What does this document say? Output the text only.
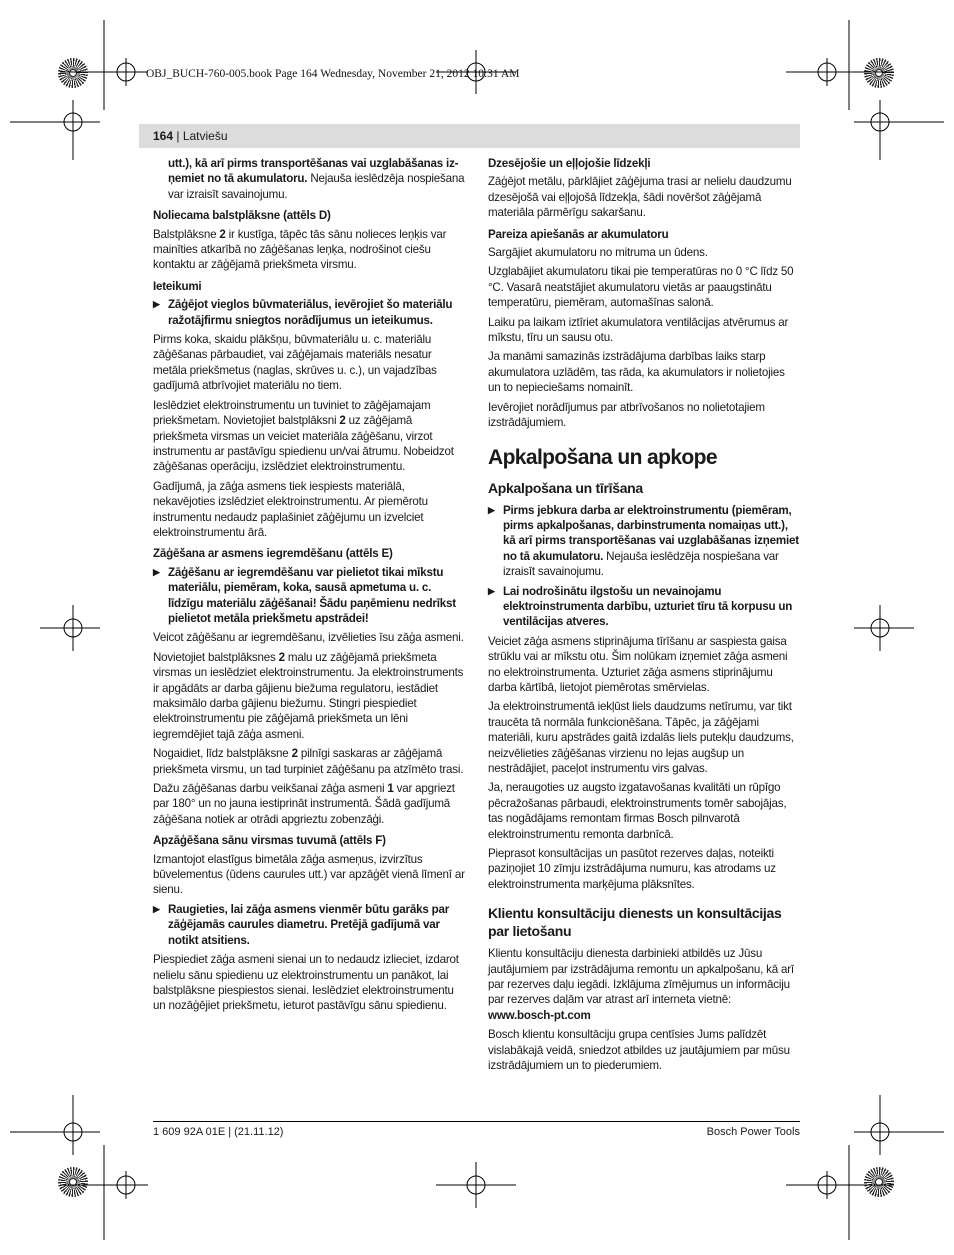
OBJ_BUCH-760-005.book Page 164 Wednesday, November 21, 2012 10:31 AM
164 | Latviešu

utt.), kā arī pirms transportēšanas vai uzglabāšanas iz-ņemiet no tā akumulatoru. Nejauša ieslēdzēja nospiešana var izraisīt savainojumu.

Noliecama balstplāksne (attēls D)

Balstplāksne 2 ir kustīga, tāpēc tās sānu nolieces leņķis var mainīties atkarībā no zāģēšanas leņķa, nodrošinot ciešu kontaktu ar zāģējamā priekšmeta virsmu.

Ieteikumi
▶ Zāģējot vieglos būvmateriālus, ievērojiet šo materiālu ražotājfirmu sniegtos norādījumus un ieteikumus.

Pirms koka, skaidu plākšņu, būvmateriālu u. c. materiālu zāģēšanas pārbaudiet, vai zāģējamais materiāls nesatur metāla priekšmetus (naglas, skrūves u. c.), un vajadzības gadījumā atbrīvojiet materiālu no tiem.

Ieslēdziet elektroinstrumentu un tuviniet to zāģējamajam priekšmetam. Novietojiet balstplāksni 2 uz zāģējamā priekšmeta virsmas un veiciet materiāla zāģēšanu, virzot instrumentu ar pastāvīgu spiedienu un/vai ātrumu. Nobeidzot zāģēšanas operāciju, izslēdziet elektroinstrumentu.

Gadījumā, ja zāģa asmens tiek iespiests materiālā, nekavējoties izslēdziet elektroinstrumentu. Ar piemērotu instrumentu nedaudz paplašiniet zāģējumu un izvelciet elektroinstrumentu ārā.

Zāģēšana ar asmens iegremdēšanu (attēls E)
▶ Zāģēšanu ar iegremdēšanu var pielietot tikai mīkstu materiālu, piemēram, koka, sausā apmetuma u. c. līdzīgu materiālu zāģēšanai! Šādu paņēmienu nedrīkst pielietot metāla priekšmetu apstrādei!

Veicot zāģēšanu ar iegremdēšanu, izvēlieties īsu zāģa asmeni.

Novietojiet balstplāksnes 2 malu uz zāģējamā priekšmeta virsmas un ieslēdziet elektroinstrumentu. Ja elektroinstruments ir apgādāts ar darba gājienu biežuma regulatoru, iestādiet maksimālo darba gājienu biežumu. Stingri piespiediet elektroinstrumentu pie zāģējamā priekšmeta un lēni iegremdējiet tajā zāģa asmeni.

Nogaidiet, līdz balstplāksne 2 pilnīgi saskaras ar zāģējamā priekšmeta virsmu, un tad turpiniet zāģēšanu pa atzīmēto trasi.

Dažu zāģēšanas darbu veikšanai zāģa asmeni 1 var apgriezt par 180° un no jauna iestiprināt instrumentā. Šādā gadījumā zāģēšana notiek ar otrādi apgrieztu zobenzāģi.

Apzāģēšana sānu virsmas tuvumā (attēls F)

Izmantojot elastīgus bimetāla zāģa asmeņus, izvirzītus būvelementus (ūdens caurules utt.) var apzāģēt vienā līmenī ar sienu.

▶ Raugieties, lai zāģa asmens vienmēr būtu garāks par zāģējamās caurules diametru. Pretējā gadījumā var notikt atsitiens.

Piespiediet zāģa asmeni sienai un to nedaudz izlieciet, izdarot nelielu sānu spiedienu uz elektroinstrumentu un panākot, lai balstplāksne piespiestos sienai. Ieslēdziet elektroinstrumentu un nozāģējiet priekšmetu, ieturot pastāvīgu sānu spiedienu.

Dzesējošie un eļļojošie līdzekļi

Zāģējot metālu, pārklājiet zāģējuma trasi ar nelielu daudzumu dzesējošā vai eļļojošā līdzekļa, šādi novēršot zāģējamā materiāla pārmērīgu sakaršanu.

Pareiza apiešanās ar akumulatoru

Sargājiet akumulatoru no mitruma un ūdens.

Uzglabājiet akumulatoru tikai pie temperatūras no 0 °C līdz 50 °C. Vasarā neatstājiet akumulatoru vietās ar paaugstinātu temperatūru, piemēram, automašīnas salonā.

Laiku pa laikam iztīriet akumulatora ventilācijas atvērumus ar mīkstu, tīru un sausu otu.

Ja manāmi samazinās izstrādājuma darbības laiks starp akumulatora uzlādēm, tas rāda, ka akumulators ir nolietojies un to nepieciešams nomainīt.

Ievērojiet norādījumus par atbrīvošanos no nolietotajiem izstrādājumiem.

Apkalpošana un apkope
Apkalpošana un tīrīšana
▶ Pirms jebkura darba ar elektroinstrumentu (piemēram, pirms apkalpošanas, darbinstrumenta nomaiņas utt.), kā arī pirms transportēšanas vai uzglabāšanas izņemiet no tā akumulatoru. Nejauša ieslēdzēja nospiešana var izraisīt savainojumu.
▶ Lai nodrošinātu ilgstošu un nevainojamu elektroinstrumenta darbību, uzturiet tīru tā korpusu un ventilācijas atveres.

Veiciet zāģa asmens stiprinājuma tīrīšanu ar saspiesta gaisa strūklu vai ar mīkstu otu. Šim nolūkam izņemiet zāģa asmeni no elektroinstrumenta. Uzturiet zāģa asmens stiprinājumu darba kārtībā, lietojot piemērotas smērvielas.

Ja elektroinstrumentā iekļūst liels daudzums netīrumu, var tikt traucēta tā normāla funkcionēšana. Tāpēc, ja zāģējami materiāli, kuru apstrādes gaitā izdalās liels putekļu daudzums, neizvēlieties zāģēšanas virzienu no lejas augšup un nestrādājiet, paceļot instrumentu virs galvas.

Ja, neraugoties uz augsto izgatavošanas kvalitāti un rūpīgo pēcražošanas pārbaudi, elektroinstruments tomēr sabojājas, tas nogādājams remontam firmas Bosch pilnvarotā elektroinstrumentu remonta darbnīcā.

Pieprasot konsultācijas un pasūtot rezerves daļas, noteikti paziņojiet 10 zīmju izstrādājuma numuru, kas atrodams uz elektroinstrumenta marķējuma plāksnītes.

Klientu konsultāciju dienests un konsultācijas par lietošanu

Klientu konsultāciju dienesta darbinieki atbildēs uz Jūsu jautājumiem par izstrādājuma remontu un apkalpošanu, kā arī par rezerves daļu iegādi. Izklājuma zīmējumus un informāciju par rezerves daļām var atrast arī interneta vietnē:

www.bosch-pt.com

Bosch klientu konsultāciju grupa centīsies Jums palīdzēt vislabākajā veidā, sniedzot atbildes uz jautājumiem par mūsu izstrādājumiem un to piederumiem.

1 609 92A 01E | (21.11.12)	Bosch Power Tools
